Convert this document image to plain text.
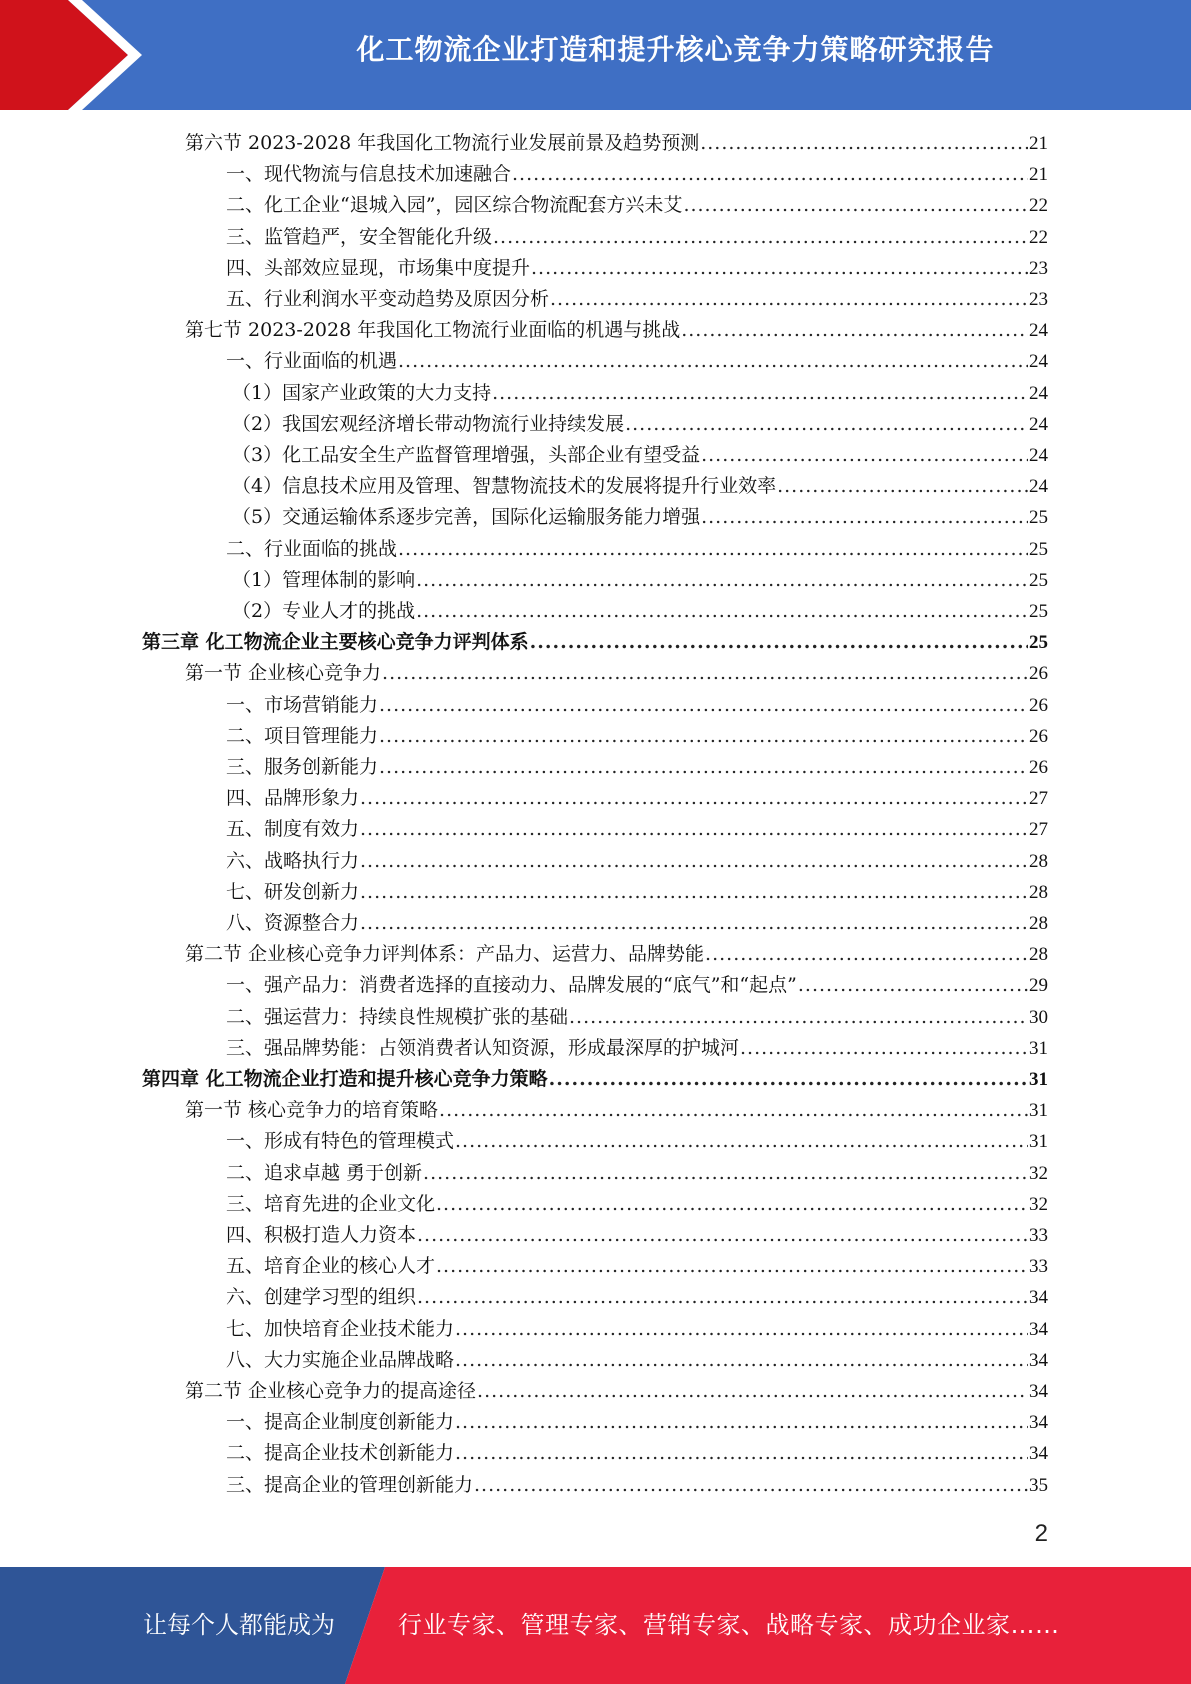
化工物流企业打造和提升核心竞争力策略研究报告
第六节 2023-2028 年我国化工物流行业发展前景及趋势预测 .....	21
一、现代物流与信息技术加速融合 .....	21
二、化工企业“退城入园”，园区综合物流配套方兴未艾 .....	22
三、监管趋严，安全智能化升级 .....	22
四、头部效应显现，市场集中度提升 .....	23
五、行业利润水平变动趋势及原因分析 .....	23
第七节 2023-2028 年我国化工物流行业面临的机遇与挑战 .....	24
一、行业面临的机遇 .....	24
（1）国家产业政策的大力支持 .....	24
（2）我国宏观经济增长带动物流行业持续发展 .....	24
（3）化工品安全生产监督管理增强，头部企业有望受益 .....	24
（4）信息技术应用及管理、智慧物流技术的发展将提升行业效率 .....	24
（5）交通运输体系逐步完善，国际化运输服务能力增强 .....	25
二、行业面临的挑战 .....	25
（1）管理体制的影响 .....	25
（2）专业人才的挑战 .....	25
第三章 化工物流企业主要核心竞争力评判体系 .....	25
第一节 企业核心竞争力 .....	26
一、市场营销能力 .....	26
二、项目管理能力 .....	26
三、服务创新能力 .....	26
四、品牌形象力 .....	27
五、制度有效力 .....	27
六、战略执行力 .....	28
七、研发创新力 .....	28
八、资源整合力 .....	28
第二节 企业核心竞争力评判体系：产品力、运营力、品牌势能 .....	28
一、强产品力：消费者选择的直接动力、品牌发展的“底气”和“起点” .....	29
二、强运营力：持续良性规模扩张的基础 .....	30
三、强品牌势能：占领消费者认知资源，形成最深厚的护城河 .....	31
第四章 化工物流企业打造和提升核心竞争力策略 .....	31
第一节 核心竞争力的培育策略 .....	31
一、形成有特色的管理模式 .....	31
二、追求卓越 勇于创新 .....	32
三、培育先进的企业文化 .....	32
四、积极打造人力资本 .....	33
五、培育企业的核心人才 .....	33
六、创建学习型的组织 .....	34
七、加快培育企业技术能力 .....	34
八、大力实施企业品牌战略 .....	34
第二节 企业核心竞争力的提高途径 .....	34
一、提高企业制度创新能力 .....	34
二、提高企业技术创新能力 .....	34
三、提高企业的管理创新能力 .....	35
2
让每个人都能成为	行业专家、管理专家、营销专家、战略专家、成功企业家……
